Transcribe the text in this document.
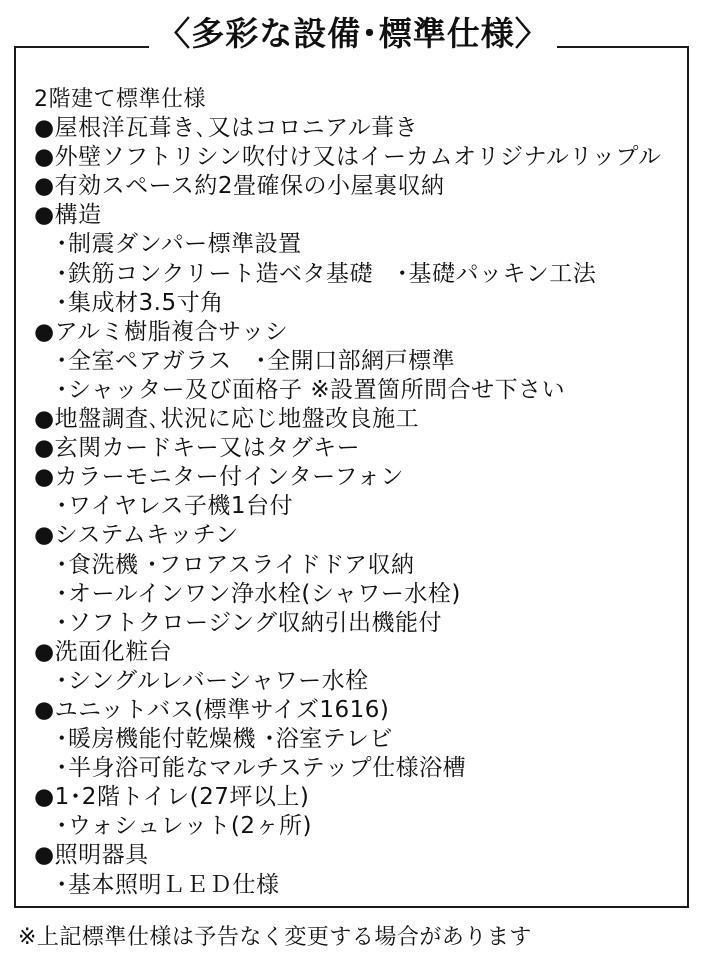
〈多彩な設備･標準仕様〉
2階建て標準仕様
●屋根洋瓦葺き､又はコロニアル葺き
●外壁ソフトリシン吹付け又はイーカムオリジナルリップル
●有効スペース約2畳確保の小屋裏収納
●構造
･制震ダンパー標準設置
･鉄筋コンクリート造ベタ基礎　･基礎パッキン工法
･集成材3.5寸角
●アルミ樹脂複合サッシ
･全室ペアガラス　･全開口部網戸標準
･シャッター及び面格子 ※設置箇所問合せ下さい
●地盤調査､状況に応じ地盤改良施工
●玄関カードキー又はタグキー
●カラーモニター付インターフォン
･ワイヤレス子機1台付
●システムキッチン
･食洗機 ･フロアスライドドア収納
･オールインワン浄水栓(シャワー水栓)
･ソフトクロージング収納引出機能付
●洗面化粧台
･シングルレバーシャワー水栓
●ユニットバス(標準サイズ1616)
･暖房機能付乾燥機 ･浴室テレビ
･半身浴可能なマルチステップ仕様浴槽
●1･2階トイレ(27坪以上)
･ウォシュレット(2ヶ所)
●照明器具
･基本照明ＬＥＤ仕様
※上記標準仕様は予告なく変更する場合があります
